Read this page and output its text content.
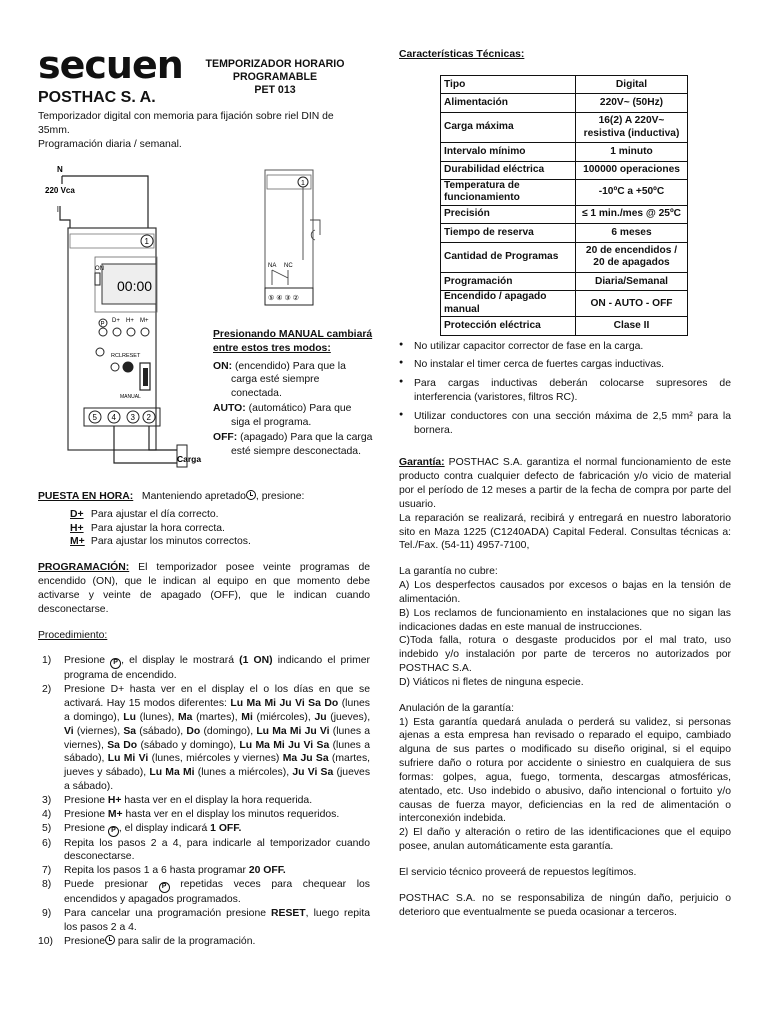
secuen
POSTHAC S. A.
TEMPORIZADOR HORARIO PROGRAMABLE
PET 013
Temporizador digital con memoria para fijación sobre riel DIN de 35mm.
Programación diaria / semanal.
N
220 Vca
l
1
00:00
ON
P
D+ H+ M+
RCL RESET
MANUAL
5 4 3 2
Carga
1
NA NC
⑤ ④ ③ ②
Presionando MANUAL cambiará entre estos tres modos:
ON: (encendido) Para que la carga esté siempre conectada.
AUTO: (automático) Para que siga el programa.
OFF: (apagado) Para que la carga esté siempre desconectada.
PUESTA EN HORA: Manteniendo apretado , presione:
D+ Para ajustar el día correcto.
H+ Para ajustar la hora correcta.
M+ Para ajustar los minutos correctos.

PROGRAMACIÓN: El temporizador posee veinte programas de encendido (ON), que le indican al equipo en que momento debe activarse y veinte de apagado (OFF), que le indican cuando desconectarse.

Procedimiento:
1) Presione P , el display le mostrará (1 ON) indicando el primer programa de encendido.
2) Presione D+ hasta ver en el display el o los días en que se activará. Hay 15 modos diferentes: Lu Ma Mi Ju Vi Sa Do (lunes a domingo), Lu (lunes), Ma (martes), Mi (miércoles), Ju (jueves), Vi (viernes), Sa (sábado), Do (domingo), Lu Ma Mi Ju Vi (lunes a viernes), Sa Do (sábado y domingo), Lu Ma Mi Ju Vi Sa (lunes a sábado), Lu Mi Vi (lunes, miércoles y viernes) Ma Ju Sa (martes, jueves y sábado), Lu Ma Mi (lunes a miércoles), Ju Vi Sa (jueves a sábado).
3) Presione H+ hasta ver en el display la hora requerida.
4) Presione M+ hasta ver en el display los minutos requeridos.
5) Presione P , el display indicará 1 OFF.
6) Repita los pasos 2 a 4, para indicarle al temporizador cuando desconectarse.
7) Repita los pasos 1 a 6 hasta programar 20 OFF.
8) Puede presionar P repetidas veces para chequear los encendidos y apagados programados.
9) Para cancelar una programación presione RESET, luego repita los pasos 2 a 4.
10) Presione para salir de la programación.
Características Técnicas:
Tipo	Digital
Alimentación	220V~ (50Hz)
Carga máxima	16(2) A 220V~ resistiva (inductiva)
Intervalo mínimo	1 minuto
Durabilidad eléctrica	100000 operaciones
Temperatura de funcionamiento	-10ºC a +50ºC
Precisión	≤ 1 min./mes @ 25ºC
Tiempo de reserva	6 meses
Cantidad de Programas	20 de encendidos / 20 de apagados
Programación	Diaria/Semanal
Encendido / apagado manual	ON - AUTO - OFF
Protección eléctrica	Clase II
● No utilizar capacitor corrector de fase en la carga.
● No instalar el timer cerca de fuertes cargas inductivas.
● Para cargas inductivas deberán colocarse supresores de interferencia (varistores, filtros RC).
● Utilizar conductores con una sección máxima de 2,5 mm² para la bornera.

Garantía: POSTHAC S.A. garantiza el normal funcionamiento de este producto contra cualquier defecto de fabricación y/o vicio de material por el período de 12 meses a partir de la fecha de compra por parte del usuario.

La reparación se realizará, recibirá y entregará en nuestro laboratorio sito en Maza 1225 (C1240ADA) Capital Federal. Consultas técnicas a: Tel./Fax. (54-11) 4957-7100,

La garantía no cubre:

A) Los desperfectos causados por excesos o bajas en la tensión de alimentación.

B) Los reclamos de funcionamiento en instalaciones que no sigan las indicaciones dadas en este manual de instrucciones.

C)Toda falla, rotura o desgaste producidos por el mal trato, uso indebido y/o instalación por parte de terceros no autorizados por POSTHAC S.A.

D) Viáticos ni fletes de ninguna especie.

Anulación de la garantía:

1) Esta garantía quedará anulada o perderá su validez, si personas ajenas a esta empresa han revisado o reparado el equipo, cambiado alguna de sus partes o modificado su diseño original, si el equipo sufriere daño o rotura por accidente o siniestro en cualquiera de sus formas: golpes, agua, fuego, tormenta, descargas atmosféricas, atentado, etc. Uso indebido o abusivo, daño intencional o fortuito y/o causas de fuerza mayor, deficiencias en la red de alimentación o interconexión indebida.

2) El daño y alteración o retiro de las identificaciones que el equipo posee, anulan automáticamente esta garantía.

El servicio técnico proveerá de repuestos legítimos.

POSTHAC S.A. no se responsabiliza de ningún daño, perjuicio o deterioro que eventualmente se pueda ocasionar a terceros.
